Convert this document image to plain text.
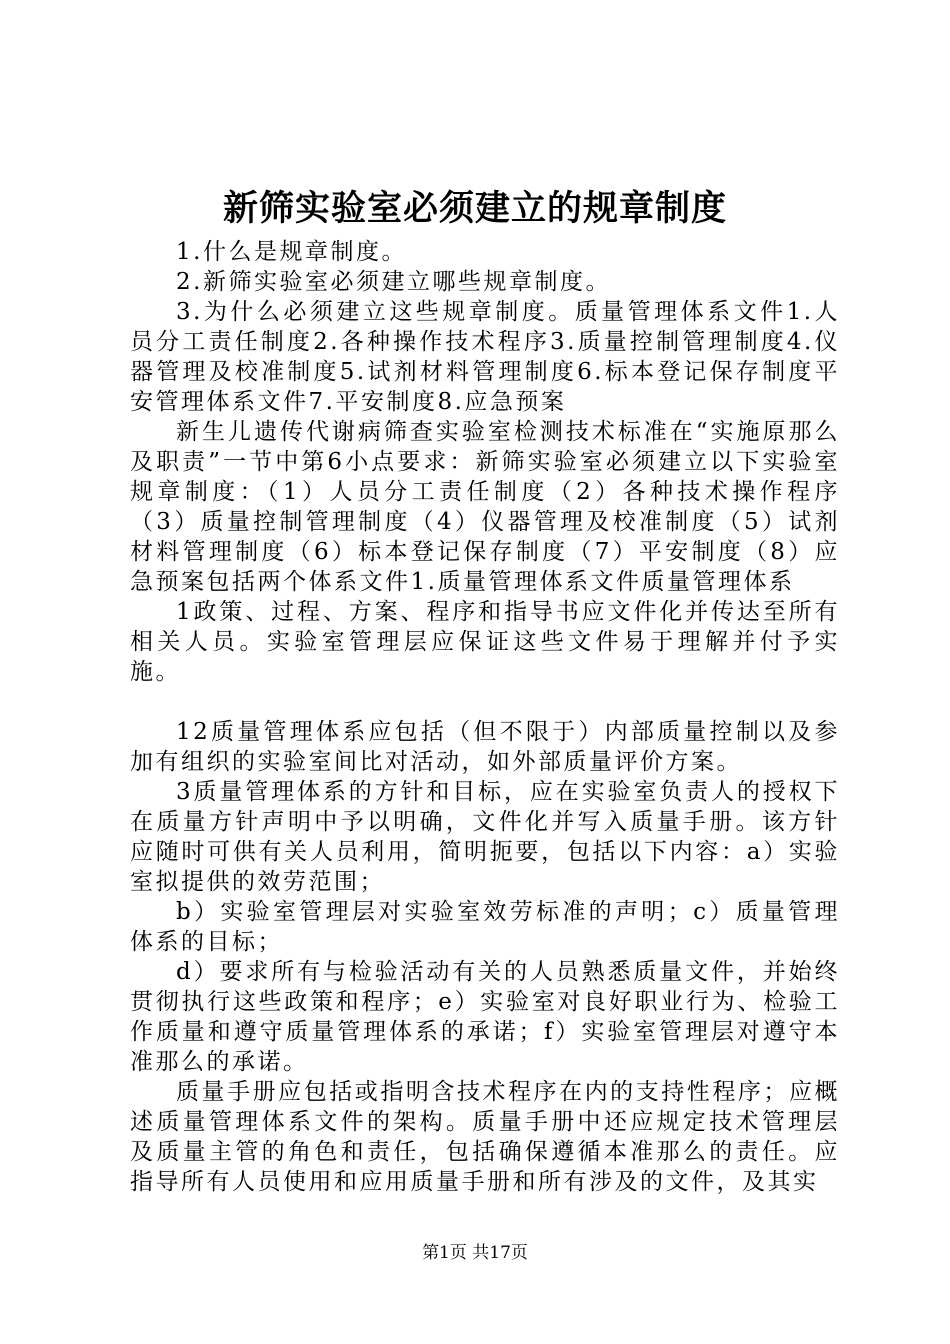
新筛实验室必须建立的规章制度

1.什么是规章制度。

2.新筛实验室必须建立哪些规章制度。

3.为什么必须建立这些规章制度。质量管理体系文件1.人员分工责任制度2.各种操作技术程序3.质量控制管理制度4.仪器管理及校准制度5.试剂材料管理制度6.标本登记保存制度平安管理体系文件7.平安制度8.应急预案

新生儿遗传代谢病筛查实验室检测技术标准在“实施原那么及职责”一节中第6小点要求：新筛实验室必须建立以下实验室规章制度：（1）人员分工责任制度（2）各种技术操作程序（3）质量控制管理制度（4）仪器管理及校准制度（5）试剂材料管理制度（6）标本登记保存制度（7）平安制度（8）应急预案包括两个体系文件1.质量管理体系文件质量管理体系

1政策、过程、方案、程序和指导书应文件化并传达至所有相关人员。实验室管理层应保证这些文件易于理解并付予实施。

12质量管理体系应包括（但不限于）内部质量控制以及参加有组织的实验室间比对活动，如外部质量评价方案。

3质量管理体系的方针和目标，应在实验室负责人的授权下在质量方针声明中予以明确，文件化并写入质量手册。该方针应随时可供有关人员利用，简明扼要，包括以下内容：a）实验室拟提供的效劳范围；

b）实验室管理层对实验室效劳标准的声明；c）质量管理体系的目标；

d）要求所有与检验活动有关的人员熟悉质量文件，并始终贯彻执行这些政策和程序；e）实验室对良好职业行为、检验工作质量和遵守质量管理体系的承诺；f）实验室管理层对遵守本准那么的承诺。

质量手册应包括或指明含技术程序在内的支持性程序；应概述质量管理体系文件的架构。质量手册中还应规定技术管理层及质量主管的角色和责任，包括确保遵循本准那么的责任。应指导所有人员使用和应用质量手册和所有涉及的文件，及其实

第1页 共17页
